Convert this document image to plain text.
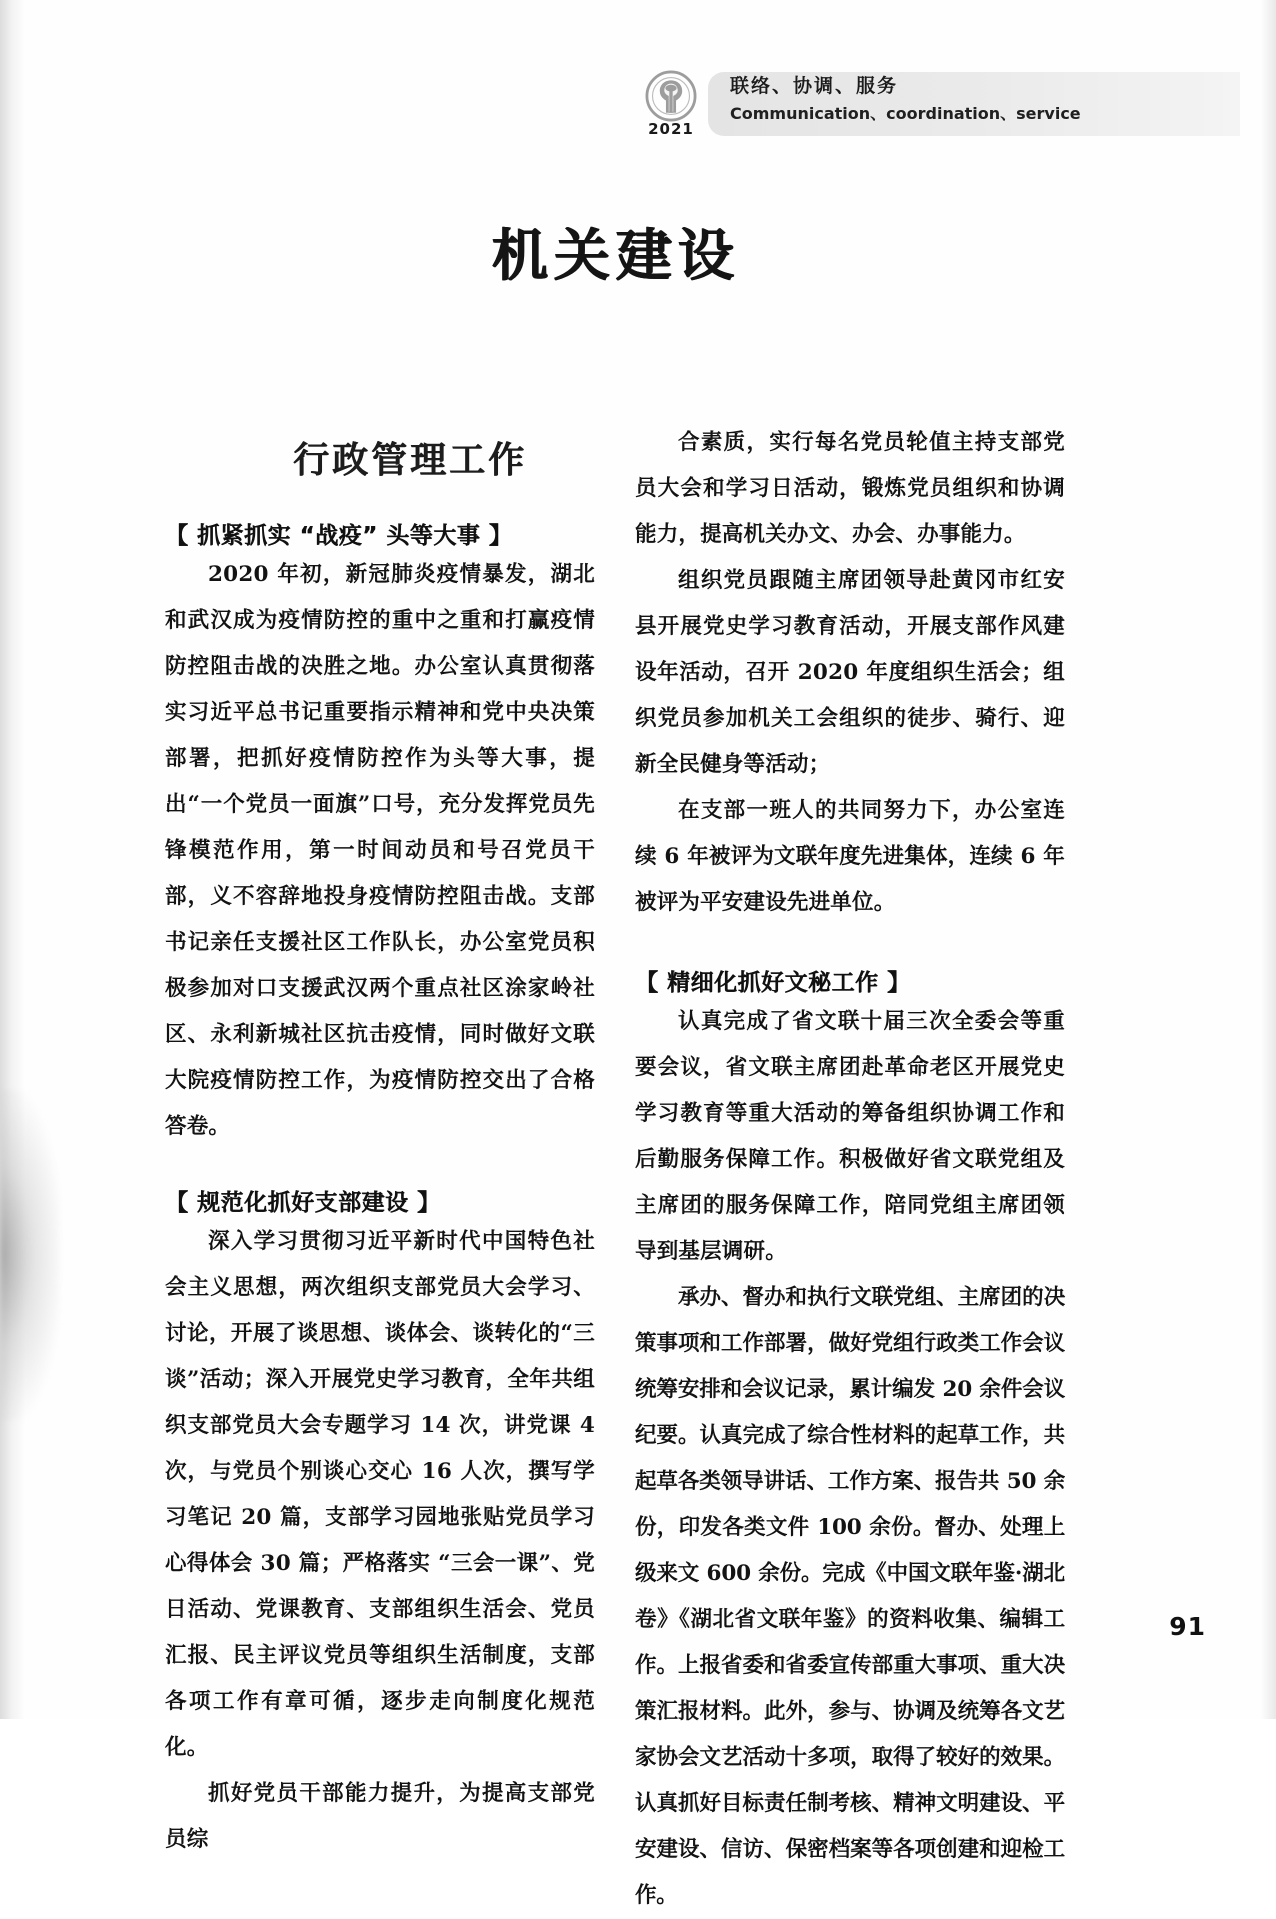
2021
联络、协调、服务
Communication、coordination、service
机关建设
行政管理工作
【 抓紧抓实 “战疫” 头等大事 】

2020 年初，新冠肺炎疫情暴发，湖北和武汉成为疫情防控的重中之重和打赢疫情防控阻击战的决胜之地。办公室认真贯彻落实习近平总书记重要指示精神和党中央决策部署，把抓好疫情防控作为头等大事，提出“一个党员一面旗”口号，充分发挥党员先锋模范作用，第一时间动员和号召党员干部，义不容辞地投身疫情防控阻击战。支部书记亲任支援社区工作队长，办公室党员积极参加对口支援武汉两个重点社区涂家岭社区、永利新城社区抗击疫情，同时做好文联大院疫情防控工作，为疫情防控交出了合格答卷。

【 规范化抓好支部建设 】

深入学习贯彻习近平新时代中国特色社会主义思想，两次组织支部党员大会学习、讨论，开展了谈思想、谈体会、谈转化的“三谈”活动；深入开展党史学习教育，全年共组织支部党员大会专题学习 14 次，讲党课 4 次，与党员个别谈心交心 16 人次，撰写学习笔记 20 篇，支部学习园地张贴党员学习心得体会 30 篇；严格落实 “三会一课”、党日活动、党课教育、支部组织生活会、党员汇报、民主评议党员等组织生活制度，支部各项工作有章可循，逐步走向制度化规范化。

抓好党员干部能力提升，为提高支部党员综

合素质，实行每名党员轮值主持支部党员大会和学习日活动，锻炼党员组织和协调能力，提高机关办文、办会、办事能力。

组织党员跟随主席团领导赴黄冈市红安县开展党史学习教育活动，开展支部作风建设年活动，召开 2020 年度组织生活会；组织党员参加机关工会组织的徒步、骑行、迎新全民健身等活动；

在支部一班人的共同努力下，办公室连续 6 年被评为文联年度先进集体，连续 6 年被评为平安建设先进单位。

【 精细化抓好文秘工作 】

认真完成了省文联十届三次全委会等重要会议，省文联主席团赴革命老区开展党史学习教育等重大活动的筹备组织协调工作和后勤服务保障工作。积极做好省文联党组及主席团的服务保障工作，陪同党组主席团领导到基层调研。

承办、督办和执行文联党组、主席团的决策事项和工作部署，做好党组行政类工作会议统筹安排和会议记录，累计编发 20 余件会议纪要。认真完成了综合性材料的起草工作，共起草各类领导讲话、工作方案、报告共 50 余份，印发各类文件 100 余份。督办、处理上级来文 600 余份。完成《中国文联年鉴·湖北卷》《湖北省文联年鉴》的资料收集、编辑工作。上报省委和省委宣传部重大事项、重大决策汇报材料。此外，参与、协调及统筹各文艺家协会文艺活动十多项，取得了较好的效果。认真抓好目标责任制考核、精神文明建设、平安建设、信访、保密档案等各项创建和迎检工作。

91
